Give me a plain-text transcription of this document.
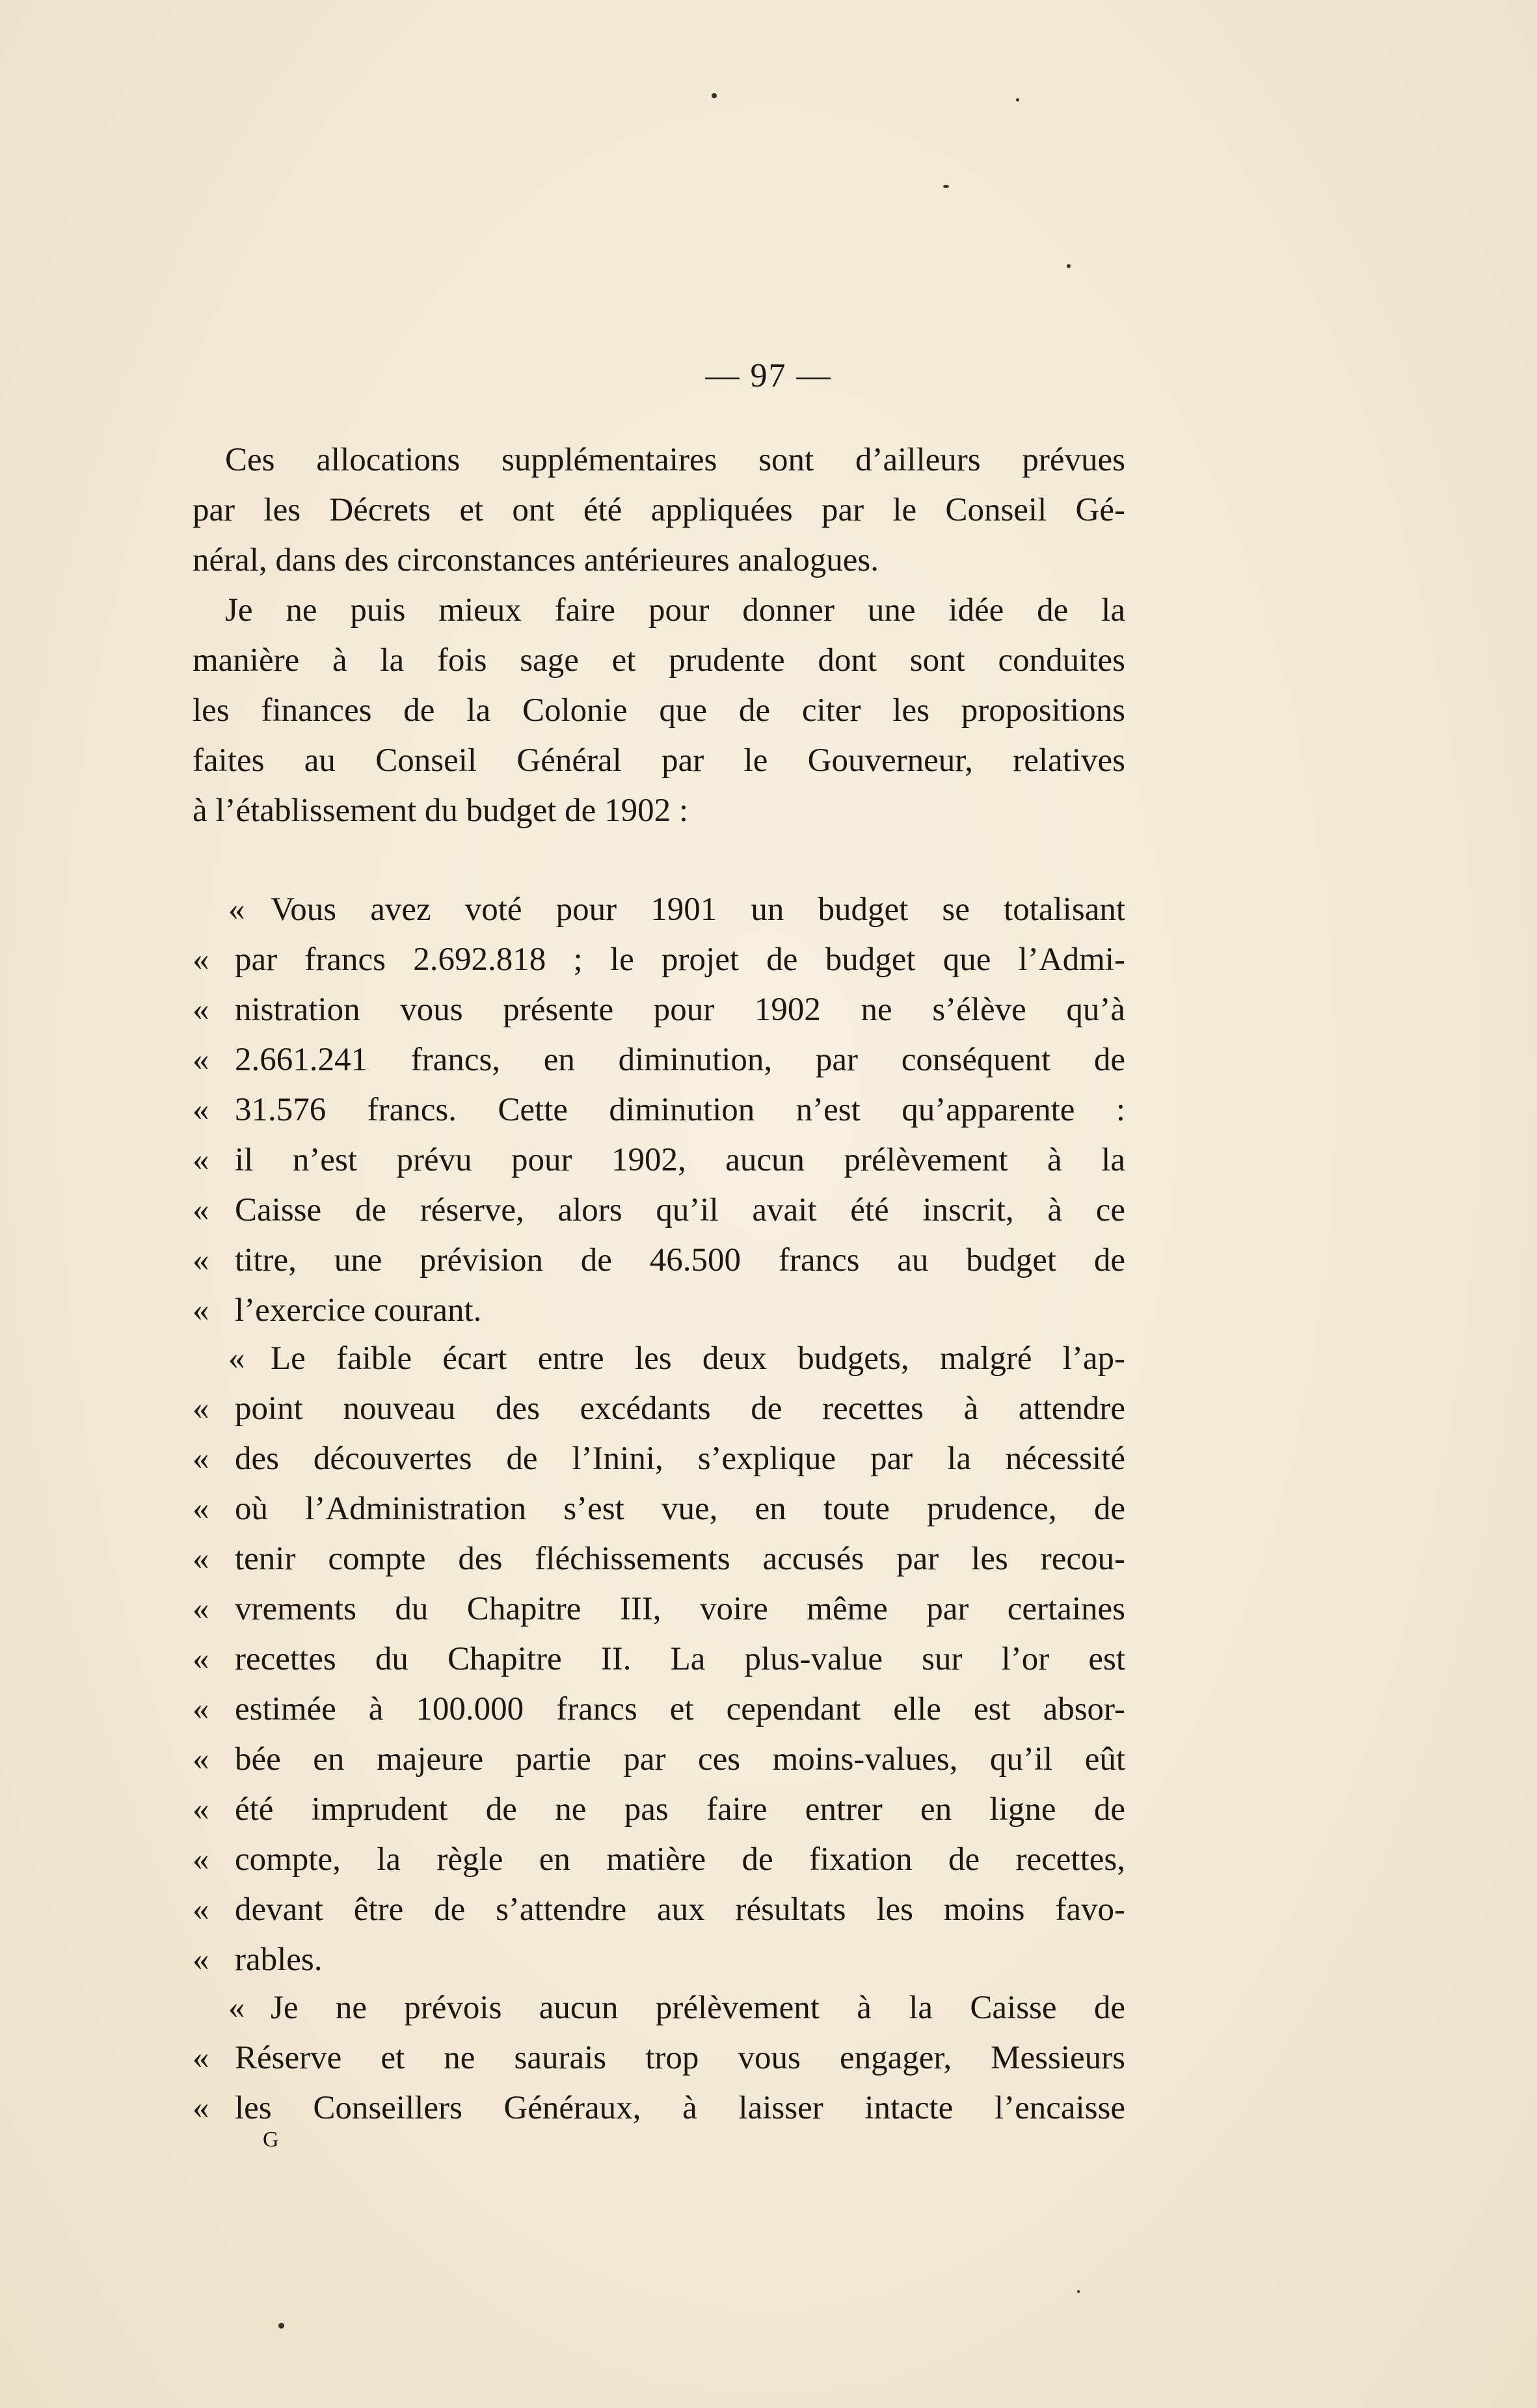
— 97 —
Ces allocations supplémentaires sont d’ailleurs prévues
par les Décrets et ont été appliquées par le Conseil Gé-
néral, dans des circonstances antérieures analogues.
Je ne puis mieux faire pour donner une idée de la
manière à la fois sage et prudente dont sont conduites
les finances de la Colonie que de citer les propositions
faites au Conseil Général par le Gouverneur, relatives
à l’établissement du budget de 1902 :
« Vous avez voté pour 1901 un budget se totalisant
« par francs 2.692.818 ; le projet de budget que l’Admi-
« nistration vous présente pour 1902 ne s’élève qu’à
« 2.661.241 francs, en diminution, par conséquent de
« 31.576 francs. Cette diminution n’est qu’apparente :
« il n’est prévu pour 1902, aucun prélèvement à la
« Caisse de réserve, alors qu’il avait été inscrit, à ce
« titre, une prévision de 46.500 francs au budget de
« l’exercice courant.
« Le faible écart entre les deux budgets, malgré l’ap-
« point nouveau des excédants de recettes à attendre
« des découvertes de l’Inini, s’explique par la nécessité
« où l’Administration s’est vue, en toute prudence, de
« tenir compte des fléchissements accusés par les recou-
« vrements du Chapitre III, voire même par certaines
« recettes du Chapitre II. La plus-value sur l’or est
« estimée à 100.000 francs et cependant elle est absor-
« bée en majeure partie par ces moins-values, qu’il eût
« été imprudent de ne pas faire entrer en ligne de
« compte, la règle en matière de fixation de recettes,
« devant être de s’attendre aux résultats les moins favo-
« rables.
« Je ne prévois aucun prélèvement à la Caisse de
« Réserve et ne saurais trop vous engager, Messieurs
« les Conseillers Généraux, à laisser intacte l’encaisse
G
